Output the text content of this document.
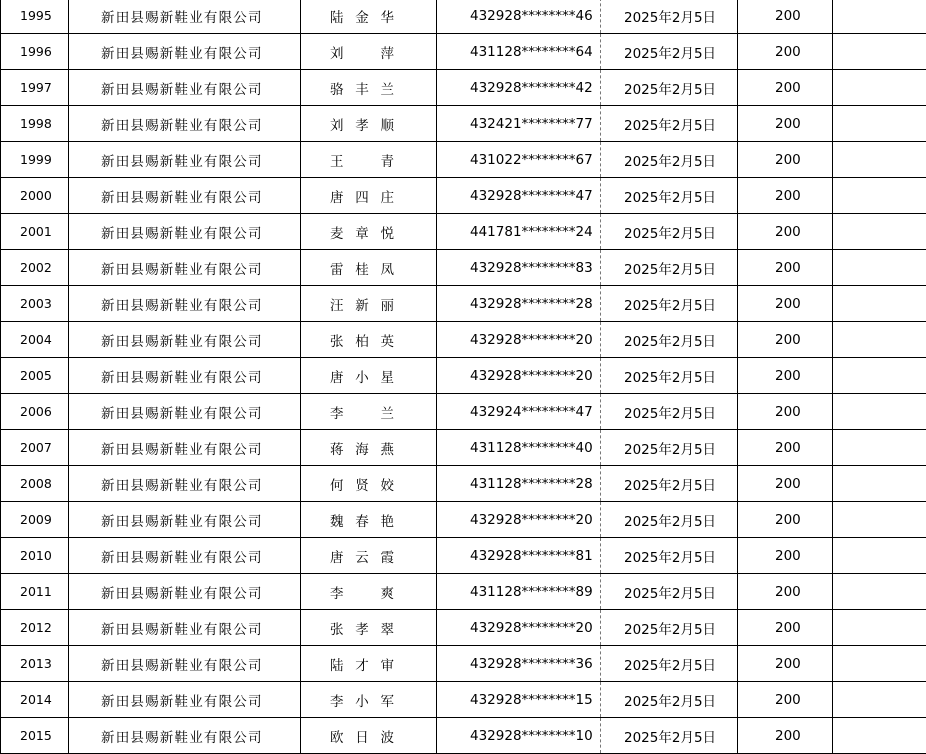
1995	新田县赐新鞋业有限公司	陆金华	432928********46	2025年2月5日	200	
1996	新田县赐新鞋业有限公司	刘　萍	431128********64	2025年2月5日	200	
1997	新田县赐新鞋业有限公司	骆丰兰	432928********42	2025年2月5日	200	
1998	新田县赐新鞋业有限公司	刘孝顺	432421********77	2025年2月5日	200	
1999	新田县赐新鞋业有限公司	王　青	431022********67	2025年2月5日	200	
2000	新田县赐新鞋业有限公司	唐四庄	432928********47	2025年2月5日	200	
2001	新田县赐新鞋业有限公司	麦章悦	441781********24	2025年2月5日	200	
2002	新田县赐新鞋业有限公司	雷桂凤	432928********83	2025年2月5日	200	
2003	新田县赐新鞋业有限公司	汪新丽	432928********28	2025年2月5日	200	
2004	新田县赐新鞋业有限公司	张柏英	432928********20	2025年2月5日	200	
2005	新田县赐新鞋业有限公司	唐小星	432928********20	2025年2月5日	200	
2006	新田县赐新鞋业有限公司	李　兰	432924********47	2025年2月5日	200	
2007	新田县赐新鞋业有限公司	蒋海燕	431128********40	2025年2月5日	200	
2008	新田县赐新鞋业有限公司	何贤姣	431128********28	2025年2月5日	200	
2009	新田县赐新鞋业有限公司	魏春艳	432928********20	2025年2月5日	200	
2010	新田县赐新鞋业有限公司	唐云霞	432928********81	2025年2月5日	200	
2011	新田县赐新鞋业有限公司	李　爽	431128********89	2025年2月5日	200	
2012	新田县赐新鞋业有限公司	张孝翠	432928********20	2025年2月5日	200	
2013	新田县赐新鞋业有限公司	陆才审	432928********36	2025年2月5日	200	
2014	新田县赐新鞋业有限公司	李小军	432928********15	2025年2月5日	200	
2015	新田县赐新鞋业有限公司	欧日波	432928********10	2025年2月5日	200	
